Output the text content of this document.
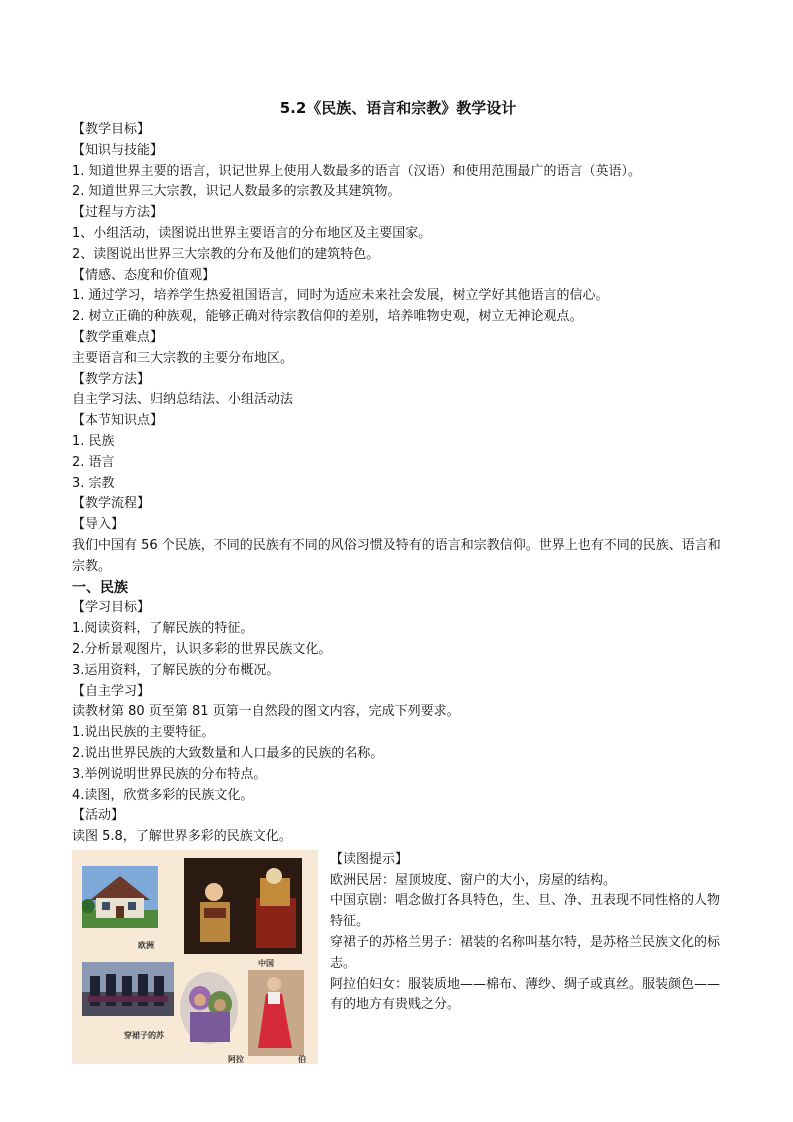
5.2《民族、语言和宗教》教学设计
【教学目标】
【知识与技能】
1. 知道世界主要的语言，识记世界上使用人数最多的语言（汉语）和使用范围最广的语言（英语）。
2. 知道世界三大宗教，识记人数最多的宗教及其建筑物。
【过程与方法】
1、小组活动，读图说出世界主要语言的分布地区及主要国家。
2、读图说出世界三大宗教的分布及他们的建筑特色。
【情感、态度和价值观】
1. 通过学习，培养学生热爱祖国语言，同时为适应未来社会发展，树立学好其他语言的信心。
2. 树立正确的种族观，能够正确对待宗教信仰的差别，培养唯物史观，树立无神论观点。
【教学重难点】
主要语言和三大宗教的主要分布地区。
【教学方法】
自主学习法、归纳总结法、小组活动法
【本节知识点】
1. 民族
2. 语言
3. 宗教
【教学流程】
【导入】
我们中国有 56 个民族，不同的民族有不同的风俗习惯及特有的语言和宗教信仰。世界上也有不同的民族、语言和宗教。
一、民族
【学习目标】
1.阅读资料，了解民族的特征。
2.分析景观图片，认识多彩的世界民族文化。
3.运用资料，了解民族的分布概况。
【自主学习】
读教材第 80 页至第 81 页第一自然段的图文内容，完成下列要求。
1.说出民族的主要特征。
2.说出世界民族的大致数量和人口最多的民族的名称。
3.举例说明世界民族的分布特点。
4.读图，欣赏多彩的民族文化。
【活动】
读图 5.8，了解世界多彩的民族文化。
欧洲
中国
穿裙子的苏
阿拉	伯
【读图提示】
欧洲民居：屋顶坡度、窗户的大小，房屋的结构。
中国京剧：唱念做打各具特色，生、旦、净、丑表现不同性格的人物特征。
穿裙子的苏格兰男子：裙装的名称叫基尔特，是苏格兰民族文化的标志。
阿拉伯妇女：服装质地——棉布、薄纱、绸子或真丝。服装颜色——有的地方有贵贱之分。
